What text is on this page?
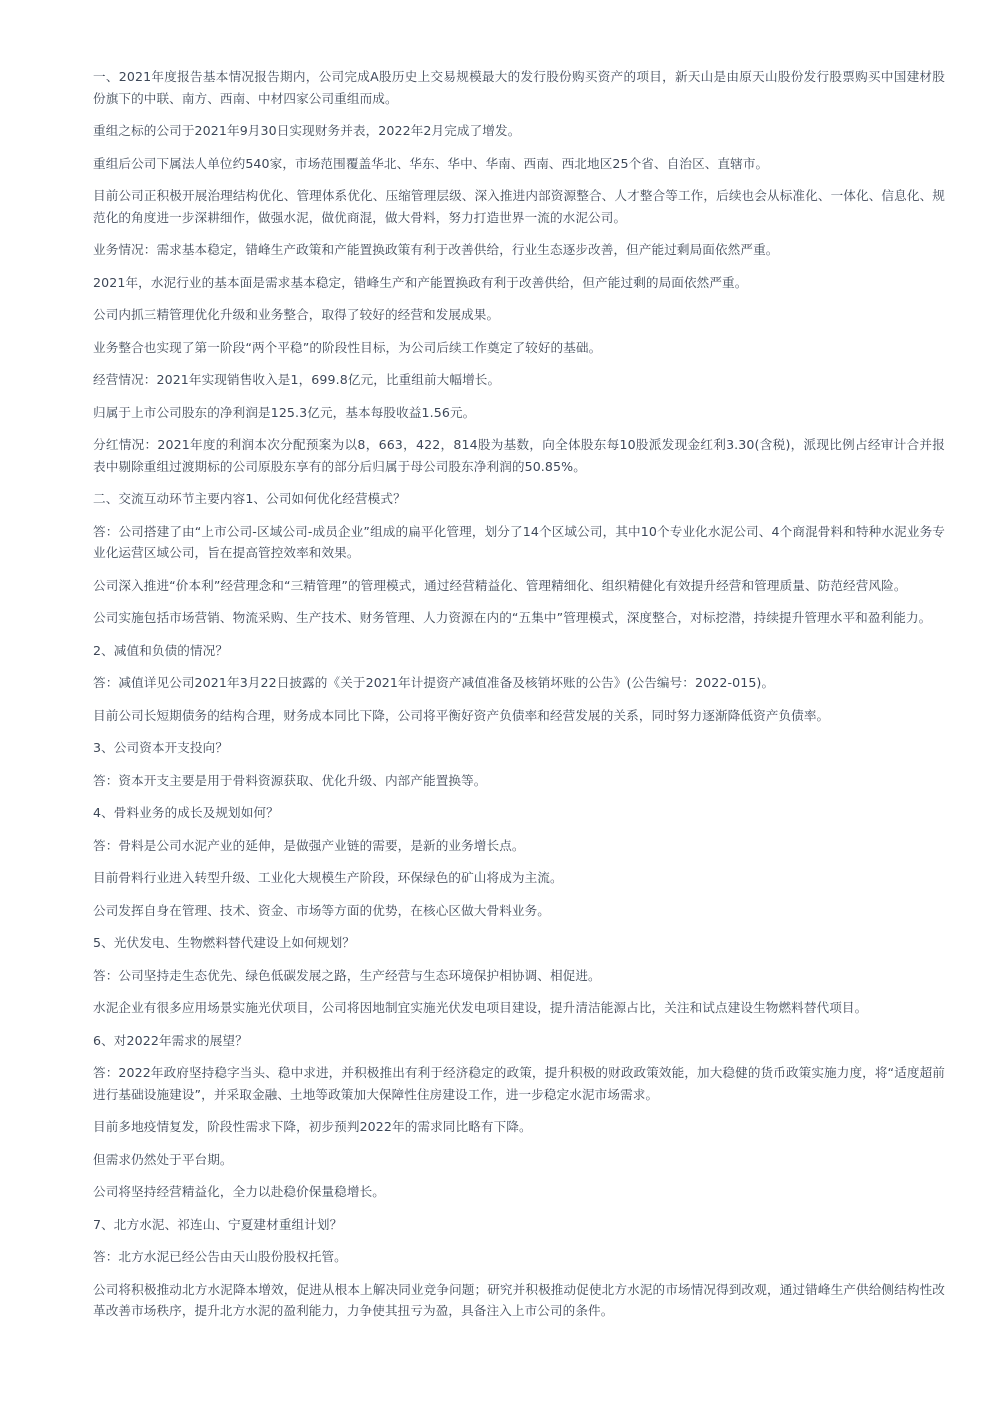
一、2021年度报告基本情况报告期内，公司完成A股历史上交易规模最大的发行股份购买资产的项目，新天山是由原天山股份发行股票购买中国建材股份旗下的中联、南方、西南、中材四家公司重组而成。

重组之标的公司于2021年9月30日实现财务并表，2022年2月完成了增发。

重组后公司下属法人单位约540家，市场范围覆盖华北、华东、华中、华南、西南、西北地区25个省、自治区、直辖市。

目前公司正积极开展治理结构优化、管理体系优化、压缩管理层级、深入推进内部资源整合、人才整合等工作，后续也会从标准化、一体化、信息化、规范化的角度进一步深耕细作，做强水泥，做优商混，做大骨料，努力打造世界一流的水泥公司。

业务情况：需求基本稳定，错峰生产政策和产能置换政策有利于改善供给，行业生态逐步改善，但产能过剩局面依然严重。

2021年，水泥行业的基本面是需求基本稳定，错峰生产和产能置换政有利于改善供给，但产能过剩的局面依然严重。

公司内抓三精管理优化升级和业务整合，取得了较好的经营和发展成果。

业务整合也实现了第一阶段“两个平稳”的阶段性目标，为公司后续工作奠定了较好的基础。

经营情况：2021年实现销售收入是1，699.8亿元，比重组前大幅增长。

归属于上市公司股东的净利润是125.3亿元，基本每股收益1.56元。

分红情况：2021年度的利润本次分配预案为以8，663，422，814股为基数，向全体股东每10股派发现金红利3.30(含税)，派现比例占经审计合并报表中剔除重组过渡期标的公司原股东享有的部分后归属于母公司股东净利润的50.85%。

二、交流互动环节主要内容1、公司如何优化经营模式？

答：公司搭建了由“上市公司-区域公司-成员企业”组成的扁平化管理，划分了14个区域公司，其中10个专业化水泥公司、4个商混骨料和特种水泥业务专业化运营区域公司，旨在提高管控效率和效果。

公司深入推进“价本利”经营理念和“三精管理”的管理模式，通过经营精益化、管理精细化、组织精健化有效提升经营和管理质量、防范经营风险。

公司实施包括市场营销、物流采购、生产技术、财务管理、人力资源在内的“五集中”管理模式，深度整合，对标挖潜，持续提升管理水平和盈利能力。

2、减值和负债的情况？

答：减值详见公司2021年3月22日披露的《关于2021年计提资产减值准备及核销坏账的公告》(公告编号：2022-015)。

目前公司长短期债务的结构合理，财务成本同比下降，公司将平衡好资产负债率和经营发展的关系，同时努力逐渐降低资产负债率。

3、公司资本开支投向？

答：资本开支主要是用于骨料资源获取、优化升级、内部产能置换等。

4、骨料业务的成长及规划如何？

答：骨料是公司水泥产业的延伸，是做强产业链的需要，是新的业务增长点。

目前骨料行业进入转型升级、工业化大规模生产阶段，环保绿色的矿山将成为主流。

公司发挥自身在管理、技术、资金、市场等方面的优势，在核心区做大骨料业务。

5、光伏发电、生物燃料替代建设上如何规划？

答：公司坚持走生态优先、绿色低碳发展之路，生产经营与生态环境保护相协调、相促进。

水泥企业有很多应用场景实施光伏项目，公司将因地制宜实施光伏发电项目建设，提升清洁能源占比，关注和试点建设生物燃料替代项目。

6、对2022年需求的展望？

答：2022年政府坚持稳字当头、稳中求进，并积极推出有利于经济稳定的政策，提升积极的财政政策效能，加大稳健的货币政策实施力度，将“适度超前进行基础设施建设”，并采取金融、土地等政策加大保障性住房建设工作，进一步稳定水泥市场需求。

目前多地疫情复发，阶段性需求下降，初步预判2022年的需求同比略有下降。

但需求仍然处于平台期。

公司将坚持经营精益化，全力以赴稳价保量稳增长。

7、北方水泥、祁连山、宁夏建材重组计划？

答：北方水泥已经公告由天山股份股权托管。

公司将积极推动北方水泥降本增效，促进从根本上解决同业竞争问题；研究并积极推动促使北方水泥的市场情况得到改观，通过错峰生产供给侧结构性改革改善市场秩序，提升北方水泥的盈利能力，力争使其扭亏为盈，具备注入上市公司的条件。
